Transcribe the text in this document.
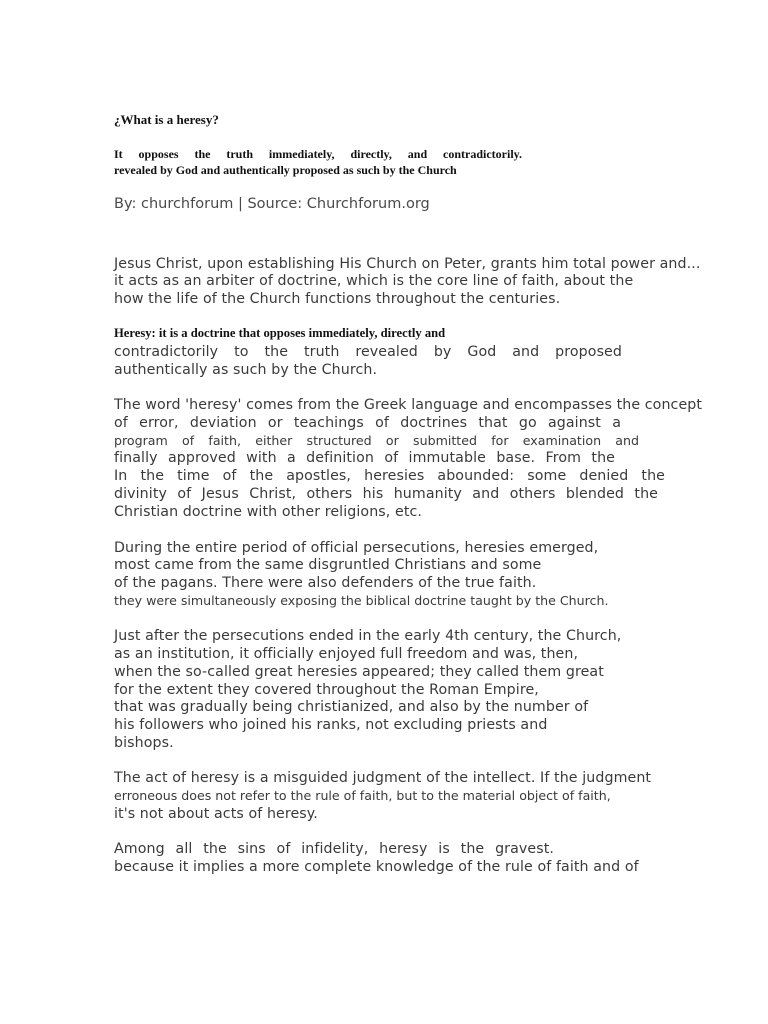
¿What is a heresy?

It opposes the truth immediately, directly, and contradictorily.

revealed by God and authentically proposed as such by the Church

By: churchforum | Source: Churchforum.org

Jesus Christ, upon establishing His Church on Peter, grants him total power and...

it acts as an arbiter of doctrine, which is the core line of faith, about the

how the life of the Church functions throughout the centuries.

Heresy: it is a doctrine that opposes immediately, directly and

contradictorily to the truth revealed by God and proposed

authentically as such by the Church.

The word 'heresy' comes from the Greek language and encompasses the concept

of error, deviation or teachings of doctrines that go against a

program of faith, either structured or submitted for examination and

finally approved with a definition of immutable base. From the

In the time of the apostles, heresies abounded: some denied the

divinity of Jesus Christ, others his humanity and others blended the

Christian doctrine with other religions, etc.

During the entire period of official persecutions, heresies emerged,

most came from the same disgruntled Christians and some

of the pagans. There were also defenders of the true faith.

they were simultaneously exposing the biblical doctrine taught by the Church.

Just after the persecutions ended in the early 4th century, the Church,

as an institution, it officially enjoyed full freedom and was, then,

when the so-called great heresies appeared; they called them great

for the extent they covered throughout the Roman Empire,

that was gradually being christianized, and also by the number of

his followers who joined his ranks, not excluding priests and

bishops.

The act of heresy is a misguided judgment of the intellect. If the judgment

erroneous does not refer to the rule of faith, but to the material object of faith,

it's not about acts of heresy.

Among all the sins of infidelity, heresy is the gravest.

because it implies a more complete knowledge of the rule of faith and of
